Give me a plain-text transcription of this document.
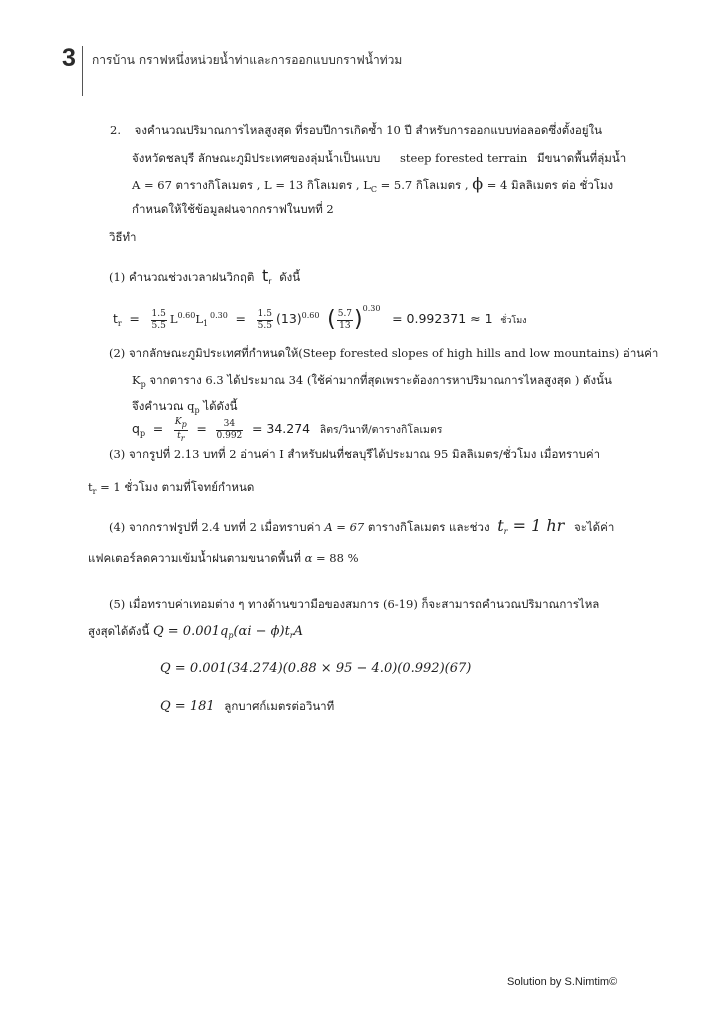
3 การบ้าน กราฟหนึ่งหน่วยน้ำท่าและการออกแบบกราฟน้ำท่วม
2. จงคำนวณปริมาณการไหลสูงสุด ที่รอบปีการเกิดซ้ำ 10 ปี สำหรับการออกแบบท่อลอดซึ่งตั้งอยู่ใน
จังหวัดชลบุรี ลักษณะภูมิประเทศของลุ่มน้ำเป็นแบบ steep forested terrain มีขนาดพื้นที่ลุ่มน้ำ
A = 67 ตารางกิโลเมตร , L = 13 กิโลเมตร , $L_C = 5.7$ กิโลเมตร , ϕ = 4 มิลลิเมตร ต่อ ชั่วโมง
กำหนดให้ใช้ข้อมูลฝนจากกราฟในบทที่ 2
วิธีทำ
(1) คำนวณช่วงเวลาฝนวิกฤติ $t_r$ ดังนี้
$t_r = \frac{1.5}{5.5} L^{0.60}L_1^{0.30} = \frac{1.5}{5.5} (13)^{0.60}$ ( $\frac{5.7}{13} )^{0.30} = 0.992371 \approx 1$ ชั่วโมง
(2) จากลักษณะภูมิประเทศที่กำหนดให้(Steep forested slopes of high hills and low mountains) อ่านค่า
$K_p$ จากตาราง 6.3 ได้ประมาณ 34 (ใช้ค่ามากที่สุดเพราะต้องการหาปริมาณการไหลสูงสุด ) ดังนั้น
จึงคำนวณ $q_p$ ได้ดังนี้
$q_p = \frac{Kp}{tr} = \frac{34}{0.992} = 34.274$ ลิตร/วินาที/ตารางกิโลเมตร
(3) จากรูปที่ 2.13 บทที่ 2 อ่านค่า I สำหรับฝนที่ชลบุรีได้ประมาณ 95 มิลลิเมตร/ชั่วโมง เมื่อทราบค่า
$t_r = 1$ ชั่วโมง ตามที่โจทย์กำหนด
(4) จากกราฟรูปที่ 2.4 บทที่ 2 เมื่อทราบค่า A = 67 ตารางกิโลเมตร และช่วง $t_r = 1$ hr จะได้ค่า
แฟคเตอร์ลดความเข้มน้ำฝนตามขนาดพื้นที่ α = 88 %
(5) เมื่อทราบค่าเทอมต่าง ๆ ทางด้านขวามือของสมการ (6-19) ก็จะสามารถคำนวณปริมาณการไหล
สูงสุดได้ดังนี้ $Q = 0.001q_p(\alpha i - \phi)t_rA$
Q = 0.001(34.274)(0.88 × 95 − 4.0)(0.992)(67)
Q = 181 ลูกบาศก์เมตรต่อวินาที
Solution by S.Nimtim©
